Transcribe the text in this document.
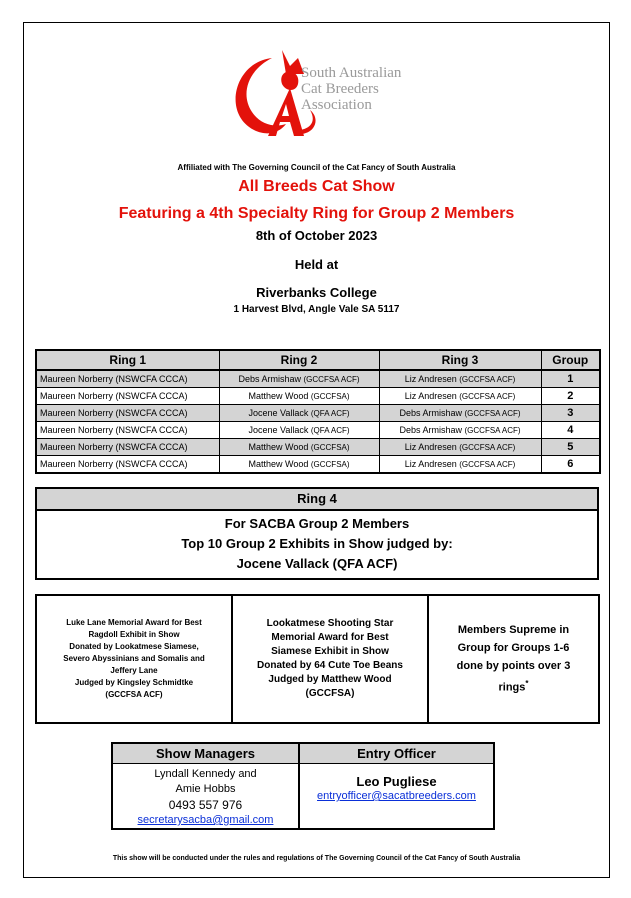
South Australian
Cat Breeders
Association
Affiliated with The Governing Council of the Cat Fancy of South Australia
All Breeds Cat Show
Featuring a 4th Specialty Ring for Group 2 Members
8th of October 2023
Held at
Riverbanks College
1 Harvest Blvd, Angle Vale SA 5117
Ring 1	Ring 2	Ring 3	Group
Maureen Norberry (NSWCFA CCCA)	Debs Armishaw (GCCFSA ACF)	Liz Andresen (GCCFSA ACF)	1
Maureen Norberry (NSWCFA CCCA)	Matthew Wood (GCCFSA)	Liz Andresen (GCCFSA ACF)	2
Maureen Norberry (NSWCFA CCCA)	Jocene Vallack (QFA ACF)	Debs Armishaw (GCCFSA ACF)	3
Maureen Norberry (NSWCFA CCCA)	Jocene Vallack (QFA ACF)	Debs Armishaw (GCCFSA ACF)	4
Maureen Norberry (NSWCFA CCCA)	Matthew Wood (GCCFSA)	Liz Andresen (GCCFSA ACF)	5
Maureen Norberry (NSWCFA CCCA)	Matthew Wood (GCCFSA)	Liz Andresen (GCCFSA ACF)	6
Ring 4
For SACBA Group 2 Members
Top 10 Group 2 Exhibits in Show judged by:
Jocene Vallack (QFA ACF)
Luke Lane Memorial Award for Best
Ragdoll Exhibit in Show
Donated by Lookatmese Siamese,
Severo Abyssinians and Somalis and
Jeffery Lane
Judged by Kingsley Schmidtke
(GCCFSA ACF)
Lookatmese Shooting Star
Memorial Award for Best
Siamese Exhibit in Show
Donated by 64 Cute Toe Beans
Judged by Matthew Wood
(GCCFSA)
Members Supreme in
Group for Groups 1-6
done by points over 3
rings*
Show Managers
Lyndall Kennedy and
Amie Hobbs
0493 557 976
secretarysacba@gmail.com
Entry Officer
Leo Pugliese
entryofficer@sacatbreeders.com
This show will be conducted under the rules and regulations of The Governing Council of the Cat Fancy of South Australia
